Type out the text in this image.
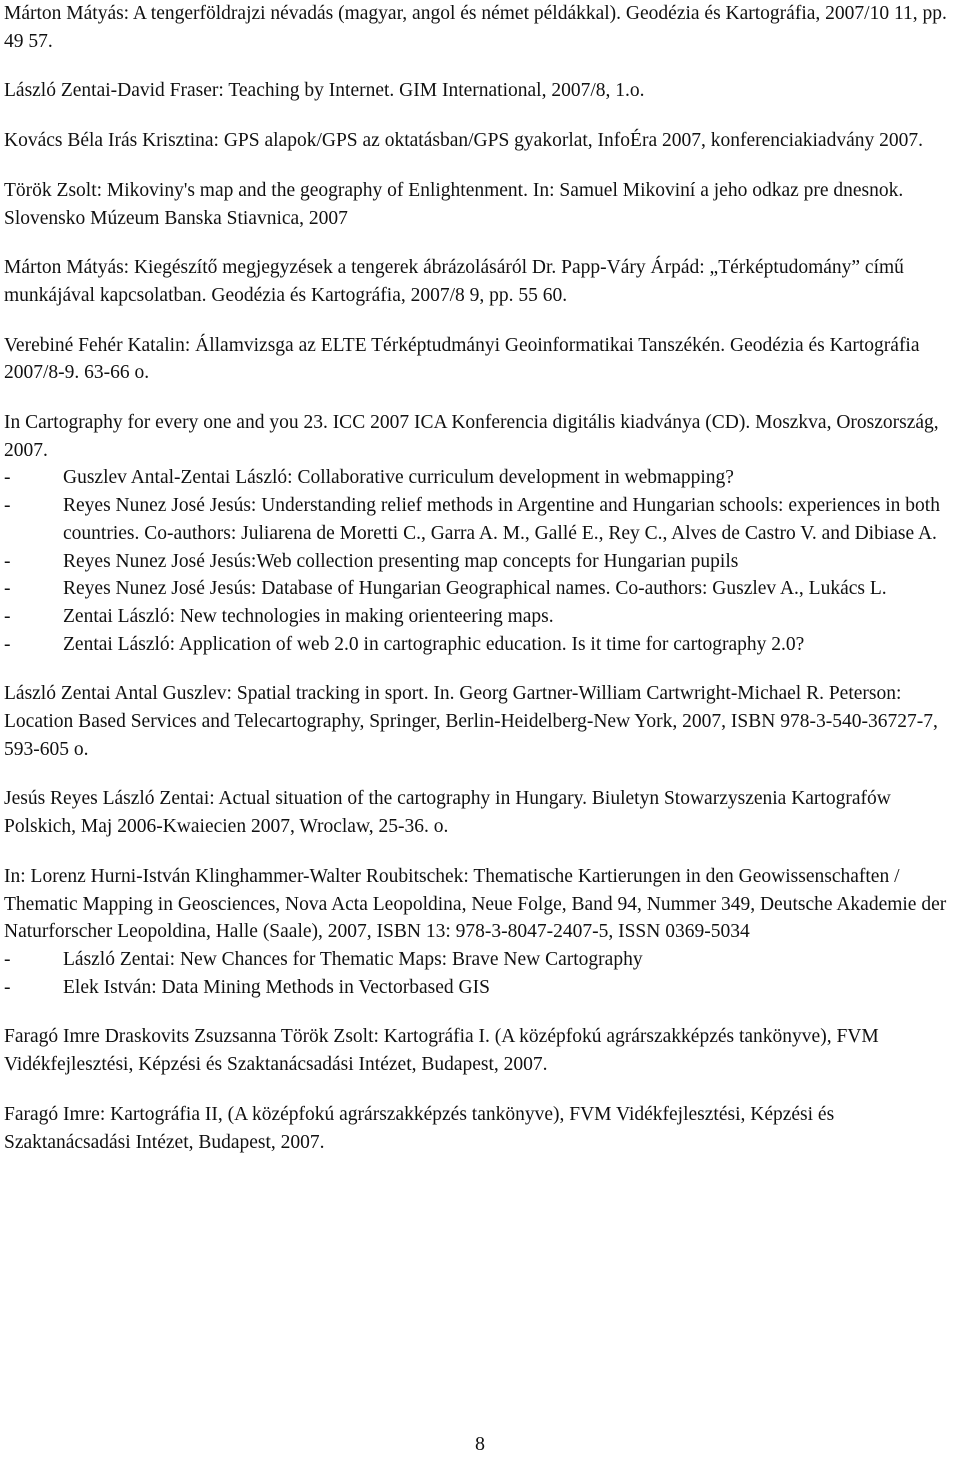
Márton Mátyás: A tengerföldrajzi névadás (magyar, angol és német példákkal). Geodézia és Kartográfia, 2007/10 11, pp. 49 57.

László Zentai-David Fraser: Teaching by Internet. GIM International, 2007/8, 1.o.

Kovács Béla Irás Krisztina: GPS alapok/GPS az oktatásban/GPS gyakorlat, InfoÉra 2007, konferenciakiadvány 2007.

Török Zsolt: Mikoviny's map and the geography of Enlightenment. In: Samuel Mikoviní a jeho odkaz pre dnesnok. Slovensko Múzeum Banska Stiavnica, 2007

Márton Mátyás: Kiegészítő megjegyzések a tengerek ábrázolásáról Dr. Papp-Váry Árpád: „Térképtudomány” című munkájával kapcsolatban. Geodézia és Kartográfia, 2007/8 9, pp. 55 60.

Verebiné Fehér Katalin: Államvizsga az ELTE Térképtudmányi Geoinformatikai Tanszékén. Geodézia és Kartográfia 2007/8-9. 63-66 o.

In Cartography for every one and you 23. ICC 2007 ICA Konferencia digitális kiadványa (CD). Moszkva, Oroszország, 2007.

-	Guszlev Antal-Zentai László: Collaborative curriculum development in webmapping?
-	Reyes Nunez José Jesús: Understanding relief methods in Argentine and Hungarian schools: experiences in both countries. Co-authors: Juliarena de Moretti C., Garra A. M., Gallé E., Rey C., Alves de Castro V. and Dibiase A.
-	Reyes Nunez José Jesús:Web collection presenting map concepts for Hungarian pupils
-	Reyes Nunez José Jesús: Database of Hungarian Geographical names. Co-authors: Guszlev A., Lukács L.
-	Zentai László: New technologies in making orienteering maps.
-	Zentai László: Application of web 2.0 in cartographic education. Is it time for cartography 2.0?

László Zentai Antal Guszlev: Spatial tracking in sport. In. Georg Gartner-William Cartwright-Michael R. Peterson: Location Based Services and Telecartography, Springer, Berlin-Heidelberg-New York, 2007, ISBN 978-3-540-36727-7, 593-605 o.

Jesús Reyes László Zentai: Actual situation of the cartography in Hungary. Biuletyn Stowarzyszenia Kartografów Polskich, Maj 2006-Kwaiecien 2007, Wroclaw, 25-36. o.

In: Lorenz Hurni-István Klinghammer-Walter Roubitschek: Thematische Kartierungen in den Geowissenschaften / Thematic Mapping in Geosciences, Nova Acta Leopoldina, Neue Folge, Band 94, Nummer 349, Deutsche Akademie der Naturforscher Leopoldina, Halle (Saale), 2007, ISBN 13: 978-3-8047-2407-5, ISSN 0369-5034

-	László Zentai: New Chances for Thematic Maps: Brave New Cartography
-	Elek István: Data Mining Methods in Vectorbased GIS

Faragó Imre Draskovits Zsuzsanna Török Zsolt: Kartográfia I. (A középfokú agrárszakképzés tankönyve), FVM Vidékfejlesztési, Képzési és Szaktanácsadási Intézet, Budapest, 2007.

Faragó Imre: Kartográfia II, (A középfokú agrárszakképzés tankönyve), FVM Vidékfejlesztési, Képzési és Szaktanácsadási Intézet, Budapest, 2007.

8
